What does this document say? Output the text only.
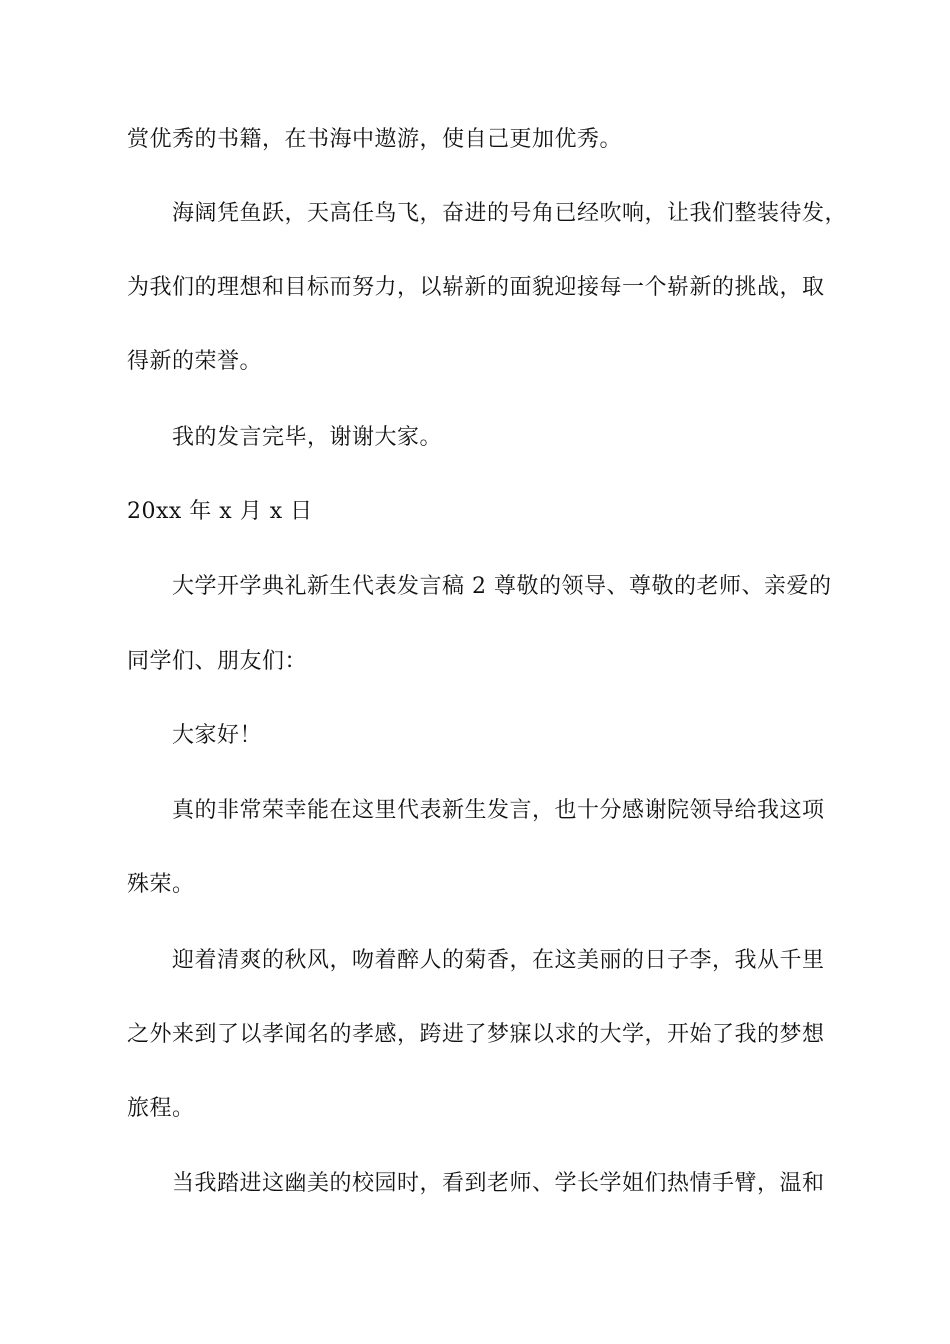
赏优秀的书籍，在书海中遨游，使自己更加优秀。
海阔凭鱼跃，天高任鸟飞，奋进的号角已经吹响，让我们整装待发，
为我们的理想和目标而努力，以崭新的面貌迎接每一个崭新的挑战，取
得新的荣誉。
我的发言完毕，谢谢大家。
20xx 年 x 月 x 日
大学开学典礼新生代表发言稿 2 尊敬的领导、尊敬的老师、亲爱的
同学们、朋友们：
大家好！
真的非常荣幸能在这里代表新生发言，也十分感谢院领导给我这项
殊荣。
迎着清爽的秋风，吻着醉人的菊香，在这美丽的日子李，我从千里
之外来到了以孝闻名的孝感，跨进了梦寐以求的大学，开始了我的梦想
旅程。
当我踏进这幽美的校园时，看到老师、学长学姐们热情手臂，温和
